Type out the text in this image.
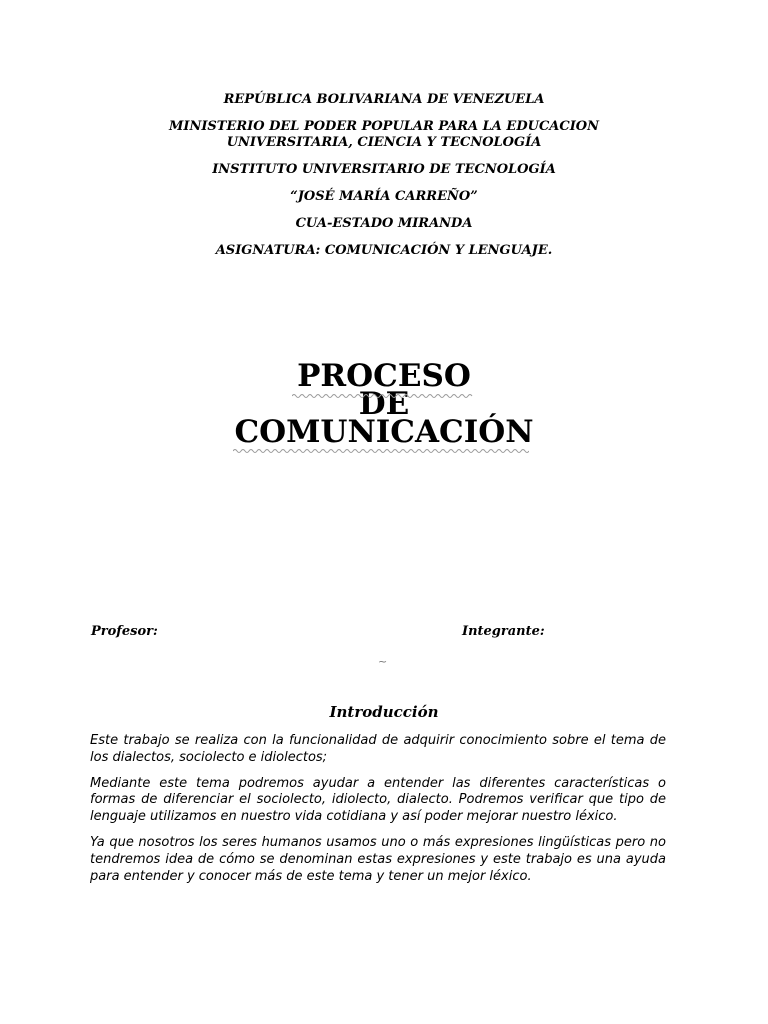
REPÚBLICA BOLIVARIANA DE VENEZUELA
MINISTERIO DEL PODER POPULAR PARA LA EDUCACION
UNIVERSITARIA, CIENCIA Y TECNOLOGÍA
INSTITUTO UNIVERSITARIO DE TECNOLOGÍA
“JOSÉ MARÍA CARREÑO”
CUA-ESTADO MIRANDA
ASIGNATURA: COMUNICACIÓN Y LENGUAJE.
PROCESO
DE
COMUNICACIÓN
Profesor:	Integrante:
~
Introducción

Este trabajo se realiza con la funcionalidad de adquirir conocimiento sobre el tema de los dialectos, sociolecto e idiolectos;

Mediante este tema podremos ayudar a entender las diferentes características o formas de diferenciar el sociolecto, idiolecto, dialecto. Podremos verificar que tipo de lenguaje utilizamos en nuestro vida cotidiana y así poder mejorar nuestro léxico.

Ya que nosotros los seres humanos usamos uno o más expresiones lingüísticas pero no tendremos idea de cómo se denominan estas expresiones y este trabajo es una ayuda para entender y conocer más de este tema y tener un mejor léxico.
